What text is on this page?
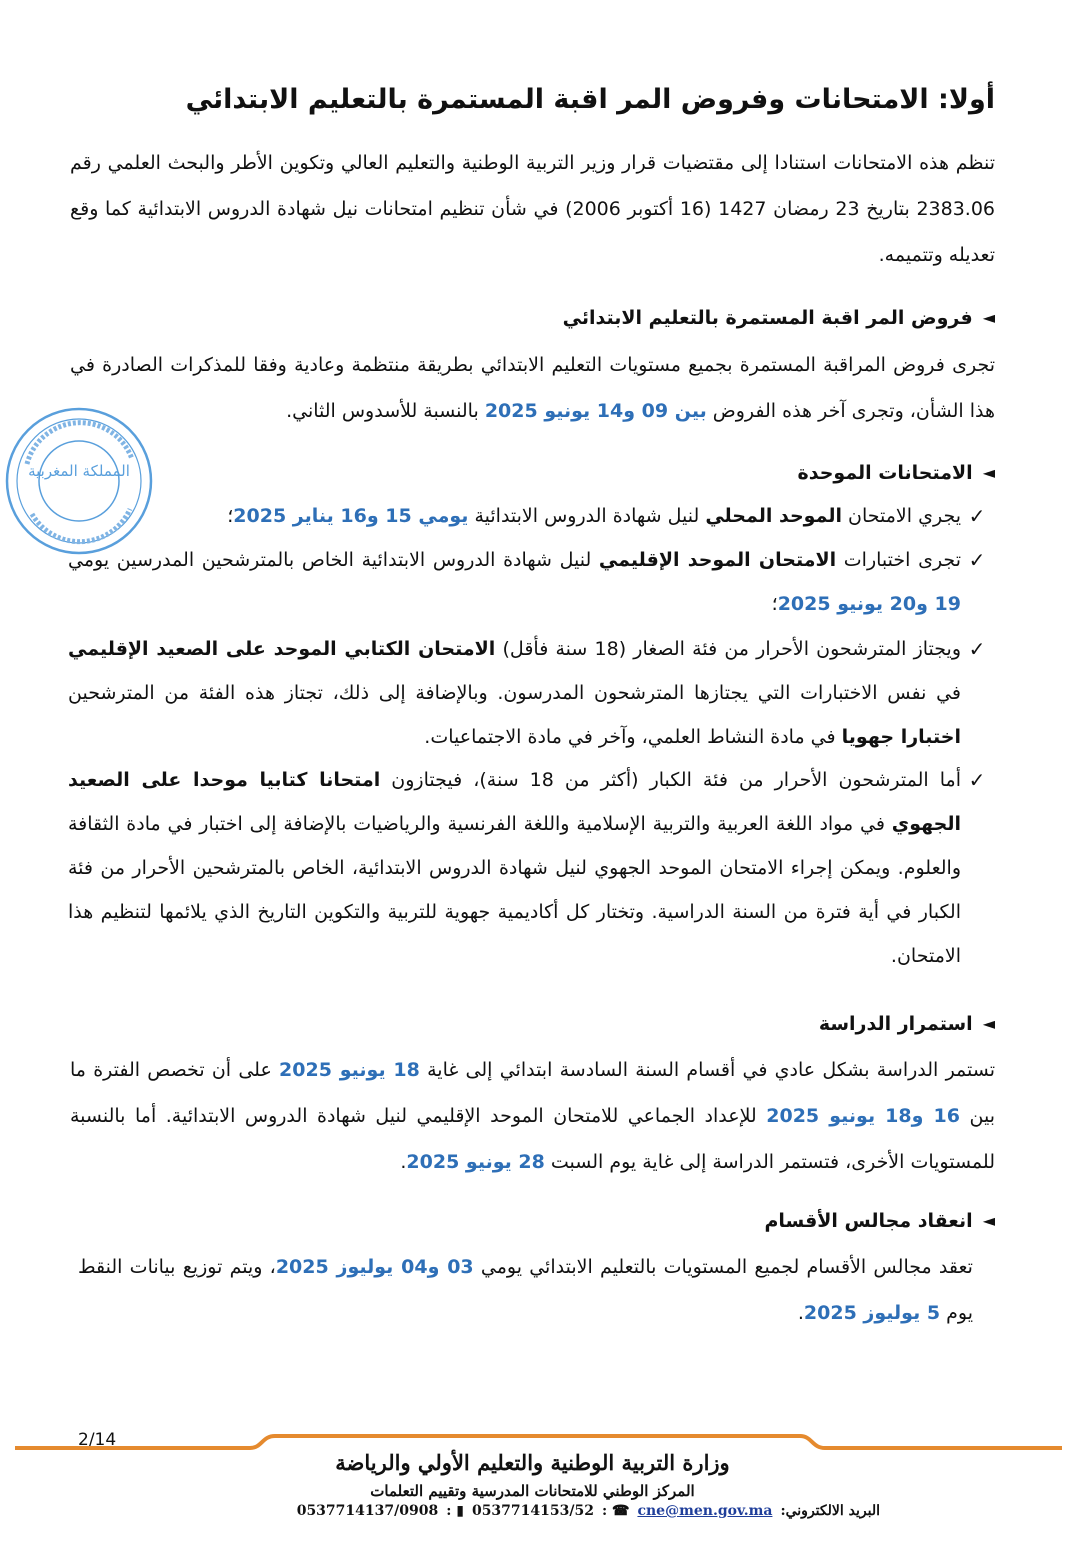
أولا: الامتحانات وفروض المر اقبة المستمرة بالتعليم الابتدائي
تنظم هذه الامتحانات استنادا إلى مقتضيات قرار وزير التربية الوطنية والتعليم العالي وتكوين الأطر والبحث العلمي رقم 2383.06 بتاريخ 23 رمضان 1427 (16 أكتوبر 2006) في شأن تنظيم امتحانات نيل شهادة الدروس الابتدائية كما وقع تعديله وتتميمه.
◄
فروض المر اقبة المستمرة بالتعليم الابتدائي
تجرى فروض المراقبة المستمرة بجميع مستويات التعليم الابتدائي بطريقة منتظمة وعادية وفقا للمذكرات الصادرة في هذا الشأن، وتجرى آخر هذه الفروض بين 09 و14 يونيو 2025 بالنسبة للأسدوس الثاني.
◄
الامتحانات الموحدة
✓
يجري الامتحان الموحد المحلي لنيل شهادة الدروس الابتدائية يومي 15 و16 يناير 2025؛
✓
تجرى اختبارات الامتحان الموحد الإقليمي لنيل شهادة الدروس الابتدائية الخاص بالمترشحين المدرسين يومي 19 و20 يونيو 2025؛
✓
ويجتاز المترشحون الأحرار من فئة الصغار (18 سنة فأقل) الامتحان الكتابي الموحد على الصعيد الإقليمي في نفس الاختبارات التي يجتازها المترشحون المدرسون. وبالإضافة إلى ذلك، تجتاز هذه الفئة من المترشحين اختبارا جهويا في مادة النشاط العلمي، وآخر في مادة الاجتماعيات.
✓
أما المترشحون الأحرار من فئة الكبار (أكثر من 18 سنة)، فيجتازون امتحانا كتابيا موحدا على الصعيد الجهوي في مواد اللغة العربية والتربية الإسلامية واللغة الفرنسية والرياضيات بالإضافة إلى اختبار في مادة الثقافة والعلوم. ويمكن إجراء الامتحان الموحد الجهوي لنيل شهادة الدروس الابتدائية، الخاص بالمترشحين الأحرار من فئة الكبار في أية فترة من السنة الدراسية. وتختار كل أكاديمية جهوية للتربية والتكوين التاريخ الذي يلائمها لتنظيم هذا الامتحان.
◄
استمرار الدراسة
تستمر الدراسة بشكل عادي في أقسام السنة السادسة ابتدائي إلى غاية 18 يونيو 2025 على أن تخصص الفترة ما بين 16 و18 يونيو 2025 للإعداد الجماعي للامتحان الموحد الإقليمي لنيل شهادة الدروس الابتدائية. أما بالنسبة للمستويات الأخرى، فتستمر الدراسة إلى غاية يوم السبت 28 يونيو 2025.
◄
انعقاد مجالس الأقسام
تعقد مجالس الأقسام لجميع المستويات بالتعليم الابتدائي يومي 03 و04 يوليوز 2025، ويتم توزيع بيانات النقط يوم 5 يوليوز 2025.
المملكة المغربية
2/14
وزارة التربية الوطنية والتعليم الأولي والرياضة
المركز الوطني للامتحانات المدرسية وتقييم التعلمات
البريد الالكتروني:
cne@men.gov.ma
☎ :
0537714153/52
▮ :
0537714137/0908
